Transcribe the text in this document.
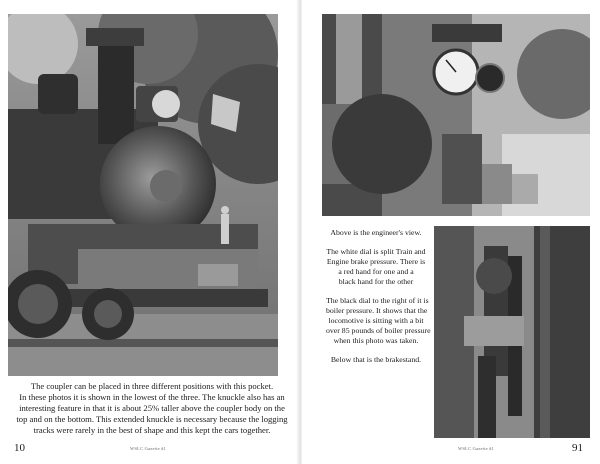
The coupler can be placed in three different positions with this pocket.
In these photos it is shown in the lowest of the three. The knuckle also has an
interesting feature in that it is about 25% taller above the coupler body on the
top and on the bottom. This extended knuckle is necessary because the logging
tracks were rarely in the best of shape and this kept the cars together.
10	WSLC Gazette #1

Above is the engineer's view.

The white dial is split Train and
Engine brake pressure. There is
a red hand for one and a
black hand for the other

The black dial to the right of it is
boiler pressure. It shows that the
locomotive is sitting with a bit
over 85 pounds of boiler pressure
when this photo was taken.

Below that is the brakestand.

WSLC Gazette #1	91
